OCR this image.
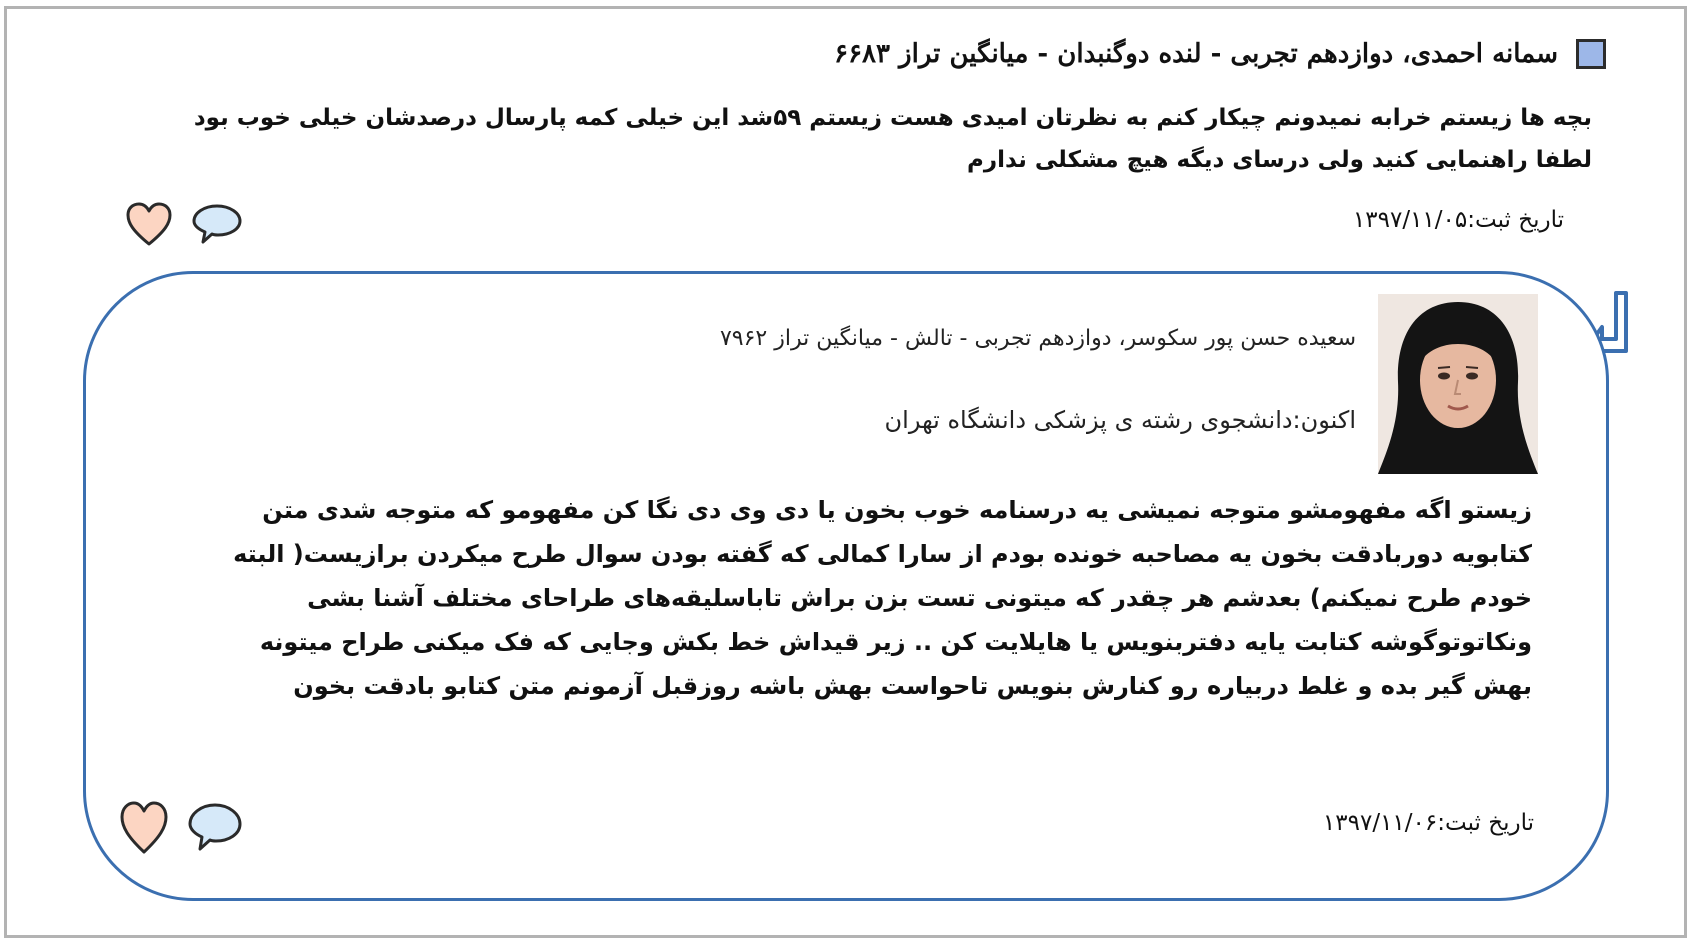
سمانه احمدی، دوازدهم تجربی - لنده دوگنبدان - میانگین تراز ۶۶۸۳
بچه ها زیستم خرابه نمیدونم چیکار کنم به نظرتان امیدی هست زیستم ۵۹شد این خیلی کمه پارسال درصدشان خیلی خوب بود لطفا راهنمایی کنید ولی درسای دیگه هیچ مشکلی ندارم
تاریخ ثبت:۱۳۹۷/۱۱/۰۵
سعیده حسن پور سکوسر، دوازدهم تجربی - تالش - میانگین تراز ۷۹۶۲
اکنون:دانشجوی رشته ی پزشکی دانشگاه تهران
زیستو اگه مفهومشو متوجه نمیشی یه درسنامه خوب بخون یا دی وی دی نگا کن مفهومو که متوجه شدی متن کتابویه دوربادقت بخون یه مصاحبه خونده بودم از سارا کمالی که گفته بودن سوال طرح میکردن برازیست( البته خودم طرح نمیکنم) بعدشم هر چقدر که میتونی تست بزن براش تاباسلیقه‌های طراحای مختلف آشنا بشی ونکاتوتوگوشه کتابت یایه دفتربنویس یا هایلایت کن .. زیر قیداش خط بکش وجایی که فک میکنی طراح میتونه بهش گیر بده و غلط دربیاره رو کنارش بنویس تاحواست بهش باشه روزقبل آزمونم متن کتابو بادقت بخون
تاریخ ثبت:۱۳۹۷/۱۱/۰۶
